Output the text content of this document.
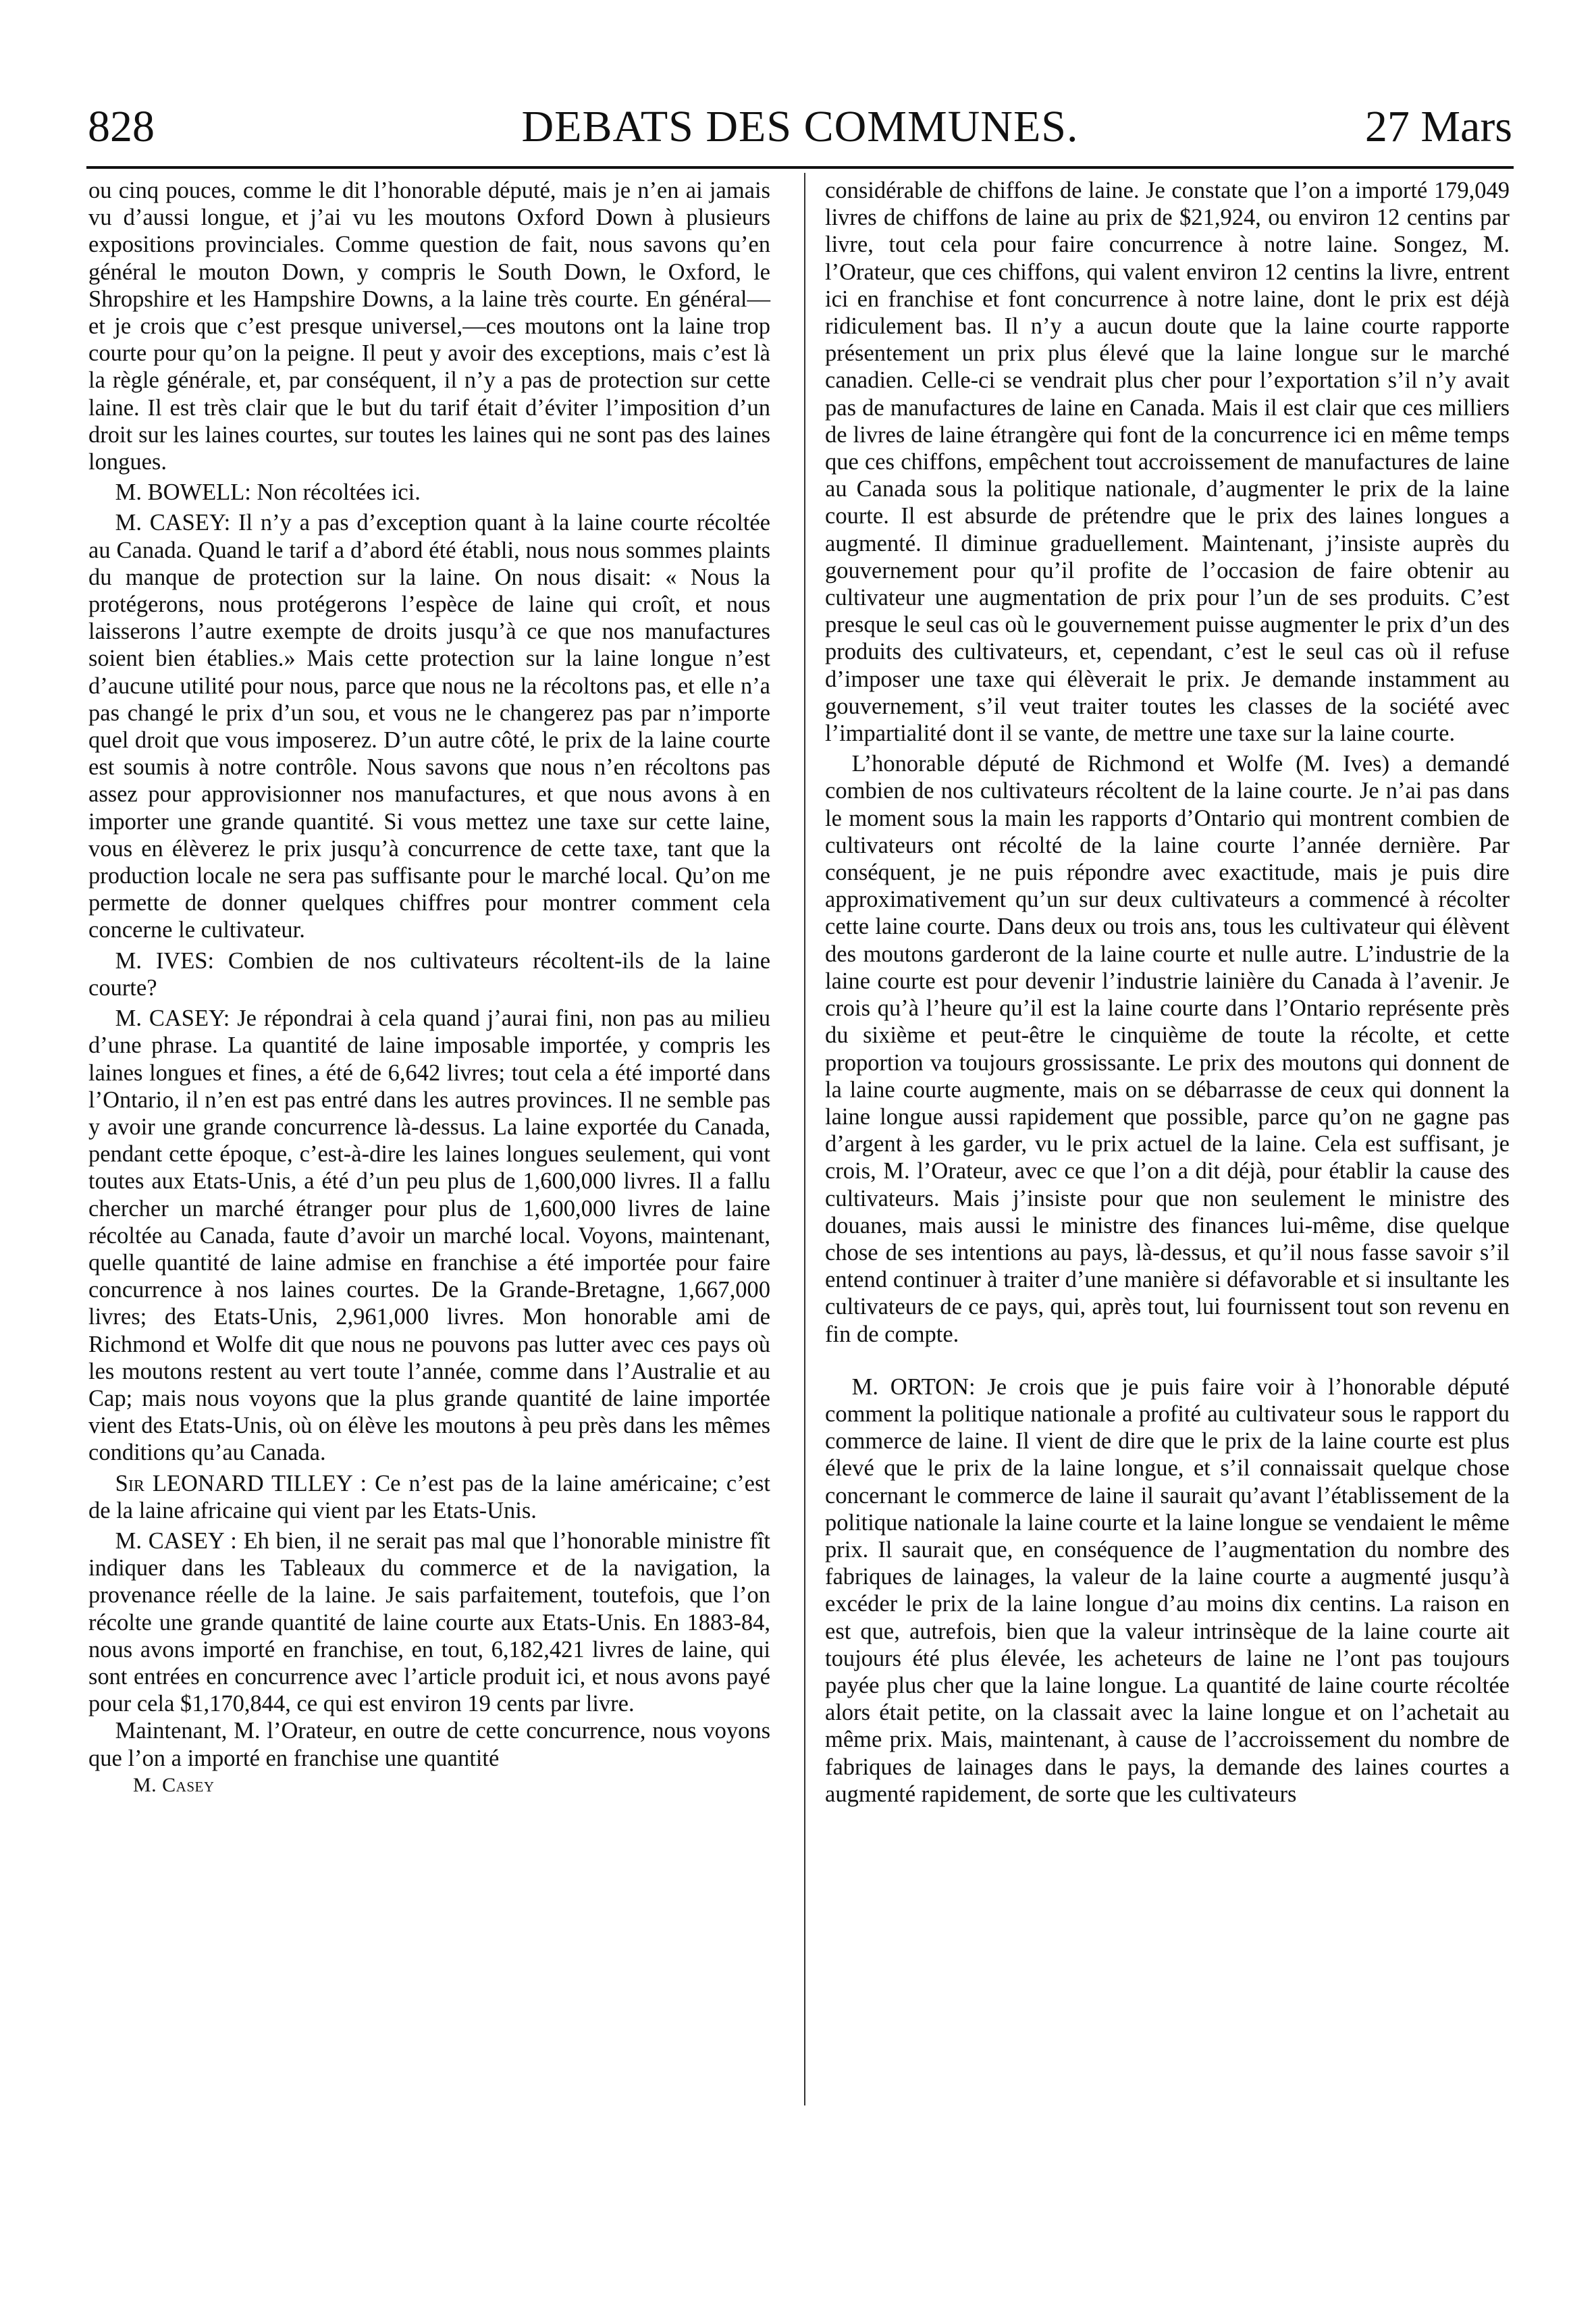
828	DEBATS DES COMMUNES.	27 Mars

ou cinq pouces, comme le dit l’honorable député, mais je n’en ai jamais vu d’aussi longue, et j’ai vu les moutons Oxford Down à plusieurs expositions provinciales. Comme question de fait, nous savons qu’en général le mouton Down, y compris le South Down, le Oxford, le Shropshire et les Hampshire Downs, a la laine très courte. En général—et je crois que c’est presque universel,—ces moutons ont la laine trop courte pour qu’on la peigne. Il peut y avoir des exceptions, mais c’est là la règle générale, et, par conséquent, il n’y a pas de protection sur cette laine. Il est très clair que le but du tarif était d’éviter l’imposition d’un droit sur les laines courtes, sur toutes les laines qui ne sont pas des laines longues.

M. BOWELL: Non récoltées ici.

M. CASEY: Il n’y a pas d’exception quant à la laine courte récoltée au Canada. Quand le tarif a d’abord été établi, nous nous sommes plaints du manque de protection sur la laine. On nous disait: « Nous la protégerons, nous protégerons l’espèce de laine qui croît, et nous laisserons l’autre exempte de droits jusqu’à ce que nos manufactures soient bien établies.» Mais cette protection sur la laine longue n’est d’aucune utilité pour nous, parce que nous ne la récoltons pas, et elle n’a pas changé le prix d’un sou, et vous ne le changerez pas par n’importe quel droit que vous imposerez. D’un autre côté, le prix de la laine courte est soumis à notre contrôle. Nous savons que nous n’en récoltons pas assez pour approvisionner nos manufactures, et que nous avons à en importer une grande quantité. Si vous mettez une taxe sur cette laine, vous en élèverez le prix jusqu’à concurrence de cette taxe, tant que la production locale ne sera pas suffisante pour le marché local. Qu’on me permette de donner quelques chiffres pour montrer comment cela concerne le cultivateur.

M. IVES: Combien de nos cultivateurs récoltent-ils de la laine courte?

M. CASEY: Je répondrai à cela quand j’aurai fini, non pas au milieu d’une phrase. La quantité de laine imposable importée, y compris les laines longues et fines, a été de 6,642 livres; tout cela a été importé dans l’Ontario, il n’en est pas entré dans les autres provinces. Il ne semble pas y avoir une grande concurrence là-dessus. La laine exportée du Canada, pendant cette époque, c’est-à-dire les laines longues seulement, qui vont toutes aux Etats-Unis, a été d’un peu plus de 1,600,000 livres. Il a fallu chercher un marché étranger pour plus de 1,600,000 livres de laine récoltée au Canada, faute d’avoir un marché local. Voyons, maintenant, quelle quantité de laine admise en franchise a été importée pour faire concurrence à nos laines courtes. De la Grande-Bretagne, 1,667,000 livres; des Etats-Unis, 2,961,000 livres. Mon honorable ami de Richmond et Wolfe dit que nous ne pouvons pas lutter avec ces pays où les moutons restent au vert toute l’année, comme dans l’Australie et au Cap; mais nous voyons que la plus grande quantité de laine importée vient des Etats-Unis, où on élève les moutons à peu près dans les mêmes conditions qu’au Canada.

Sir LEONARD TILLEY : Ce n’est pas de la laine américaine; c’est de la laine africaine qui vient par les Etats-Unis.

M. CASEY : Eh bien, il ne serait pas mal que l’honorable ministre fît indiquer dans les Tableaux du commerce et de la navigation, la provenance réelle de la laine. Je sais parfaitement, toutefois, que l’on récolte une grande quantité de laine courte aux Etats-Unis. En 1883-84, nous avons importé en franchise, en tout, 6,182,421 livres de laine, qui sont entrées en concurrence avec l’article produit ici, et nous avons payé pour cela $1,170,844, ce qui est environ 19 cents par livre.

Maintenant, M. l’Orateur, en outre de cette concurrence, nous voyons que l’on a importé en franchise une quantité

M. Casey

considérable de chiffons de laine. Je constate que l’on a importé 179,049 livres de chiffons de laine au prix de $21,924, ou environ 12 centins par livre, tout cela pour faire concurrence à notre laine. Songez, M. l’Orateur, que ces chiffons, qui valent environ 12 centins la livre, entrent ici en franchise et font concurrence à notre laine, dont le prix est déjà ridiculement bas. Il n’y a aucun doute que la laine courte rapporte présentement un prix plus élevé que la laine longue sur le marché canadien. Celle-ci se vendrait plus cher pour l’exportation s’il n’y avait pas de manufactures de laine en Canada. Mais il est clair que ces milliers de livres de laine étrangère qui font de la concurrence ici en même temps que ces chiffons, empêchent tout accroissement de manufactures de laine au Canada sous la politique nationale, d’augmenter le prix de la laine courte. Il est absurde de prétendre que le prix des laines longues a augmenté. Il diminue graduellement. Maintenant, j’insiste auprès du gouvernement pour qu’il profite de l’occasion de faire obtenir au cultivateur une augmentation de prix pour l’un de ses produits. C’est presque le seul cas où le gouvernement puisse augmenter le prix d’un des produits des cultivateurs, et, cependant, c’est le seul cas où il refuse d’imposer une taxe qui élèverait le prix. Je demande instamment au gouvernement, s’il veut traiter toutes les classes de la société avec l’impartialité dont il se vante, de mettre une taxe sur la laine courte.

L’honorable député de Richmond et Wolfe (M. Ives) a demandé combien de nos cultivateurs récoltent de la laine courte. Je n’ai pas dans le moment sous la main les rapports d’Ontario qui montrent combien de cultivateurs ont récolté de la laine courte l’année dernière. Par conséquent, je ne puis répondre avec exactitude, mais je puis dire approximativement qu’un sur deux cultivateurs a commencé à récolter cette laine courte. Dans deux ou trois ans, tous les cultivateur qui élèvent des moutons garderont de la laine courte et nulle autre. L’industrie de la laine courte est pour devenir l’industrie lainière du Canada à l’avenir. Je crois qu’à l’heure qu’il est la laine courte dans l’Ontario représente près du sixième et peut-être le cinquième de toute la récolte, et cette proportion va toujours grossissante. Le prix des moutons qui donnent de la laine courte augmente, mais on se débarrasse de ceux qui donnent la laine longue aussi rapidement que possible, parce qu’on ne gagne pas d’argent à les garder, vu le prix actuel de la laine. Cela est suffisant, je crois, M. l’Orateur, avec ce que l’on a dit déjà, pour établir la cause des cultivateurs. Mais j’insiste pour que non seulement le ministre des douanes, mais aussi le ministre des finances lui-même, dise quelque chose de ses intentions au pays, là-dessus, et qu’il nous fasse savoir s’il entend continuer à traiter d’une manière si défavorable et si insultante les cultivateurs de ce pays, qui, après tout, lui fournissent tout son revenu en fin de compte.

M. ORTON: Je crois que je puis faire voir à l’honorable député comment la politique nationale a profité au cultivateur sous le rapport du commerce de laine. Il vient de dire que le prix de la laine courte est plus élevé que le prix de la laine longue, et s’il connaissait quelque chose concernant le commerce de laine il saurait qu’avant l’établissement de la politique nationale la laine courte et la laine longue se vendaient le même prix. Il saurait que, en conséquence de l’augmentation du nombre des fabriques de lainages, la valeur de la laine courte a augmenté jusqu’à excéder le prix de la laine longue d’au moins dix centins. La raison en est que, autrefois, bien que la valeur intrinsèque de la laine courte ait toujours été plus élevée, les acheteurs de laine ne l’ont pas toujours payée plus cher que la laine longue. La quantité de laine courte récoltée alors était petite, on la classait avec la laine longue et on l’achetait au même prix. Mais, maintenant, à cause de l’accroissement du nombre de fabriques de lainages dans le pays, la demande des laines courtes a augmenté rapidement, de sorte que les cultivateurs
